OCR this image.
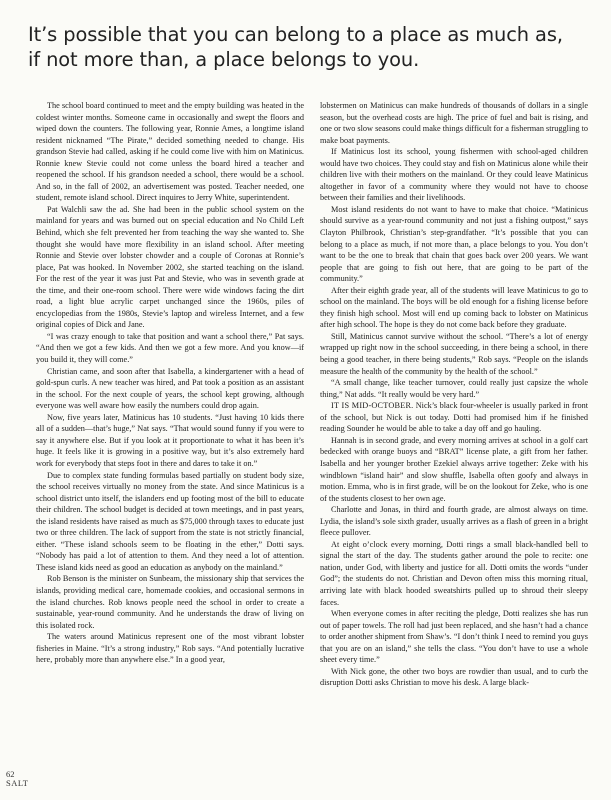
It’s possible that you can belong to a place as much as,
if not more than, a place belongs to you.

The school board continued to meet and the empty building was heated in the coldest winter months. Someone came in occasionally and swept the floors and wiped down the counters. The following year, Ronnie Ames, a longtime island resident nicknamed “The Pirate,” decided something needed to change. His grandson Stevie had called, asking if he could come live with him on Matinicus. Ronnie knew Stevie could not come unless the board hired a teacher and reopened the school. If his grandson needed a school, there would be a school. And so, in the fall of 2002, an advertisement was posted. Teacher needed, one student, remote island school. Direct inquires to Jerry White, superintendent.

Pat Walchli saw the ad. She had been in the public school system on the mainland for years and was burned out on special education and No Child Left Behind, which she felt prevented her from teaching the way she wanted to. She thought she would have more flexibility in an island school. After meeting Ronnie and Stevie over lobster chowder and a couple of Coronas at Ronnie’s place, Pat was hooked. In November 2002, she started teaching on the island. For the rest of the year it was just Pat and Stevie, who was in seventh grade at the time, and their one-room school. There were wide windows facing the dirt road, a light blue acrylic carpet unchanged since the 1960s, piles of encyclopedias from the 1980s, Stevie’s laptop and wireless Internet, and a few original copies of Dick and Jane.

“I was crazy enough to take that position and want a school there,” Pat says. “And then we got a few kids. And then we got a few more. And you know—if you build it, they will come.”

Christian came, and soon after that Isabella, a kindergartener with a head of gold-spun curls. A new teacher was hired, and Pat took a position as an assistant in the school. For the next couple of years, the school kept growing, although everyone was well aware how easily the numbers could drop again.

Now, five years later, Matinicus has 10 students. “Just having 10 kids there all of a sudden—that’s huge,” Nat says. “That would sound funny if you were to say it anywhere else. But if you look at it proportionate to what it has been it’s huge. It feels like it is growing in a positive way, but it’s also extremely hard work for everybody that steps foot in there and dares to take it on.”

Due to complex state funding formulas based partially on student body size, the school receives virtually no money from the state. And since Matinicus is a school district unto itself, the islanders end up footing most of the bill to educate their children. The school budget is decided at town meetings, and in past years, the island residents have raised as much as $75,000 through taxes to educate just two or three children. The lack of support from the state is not strictly financial, either. “These island schools seem to be floating in the ether,” Dotti says. “Nobody has paid a lot of attention to them. And they need a lot of attention. These island kids need as good an education as anybody on the mainland.”

Rob Benson is the minister on Sunbeam, the missionary ship that services the islands, providing medical care, homemade cookies, and occasional sermons in the island churches. Rob knows people need the school in order to create a sustainable, year-round community. And he understands the draw of living on this isolated rock.

The waters around Matinicus represent one of the most vibrant lobster fisheries in Maine. “It’s a strong industry,” Rob says. “And potentially lucrative here, probably more than anywhere else.” In a good year,

lobstermen on Matinicus can make hundreds of thousands of dollars in a single season, but the overhead costs are high. The price of fuel and bait is rising, and one or two slow seasons could make things difficult for a fisherman struggling to make boat payments.

If Matinicus lost its school, young fishermen with school-aged children would have two choices. They could stay and fish on Matinicus alone while their children live with their mothers on the mainland. Or they could leave Matinicus altogether in favor of a community where they would not have to choose between their families and their livelihoods.

Most island residents do not want to have to make that choice. “Matinicus should survive as a year-round community and not just a fishing outpost,” says Clayton Philbrook, Christian’s step-grandfather. “It’s possible that you can belong to a place as much, if not more than, a place belongs to you. You don’t want to be the one to break that chain that goes back over 200 years. We want people that are going to fish out here, that are going to be part of the community.”

After their eighth grade year, all of the students will leave Matinicus to go to school on the mainland. The boys will be old enough for a fishing license before they finish high school. Most will end up coming back to lobster on Matinicus after high school. The hope is they do not come back before they graduate.

Still, Matinicus cannot survive without the school. “There’s a lot of energy wrapped up right now in the school succeeding, in there being a school, in there being a good teacher, in there being students,” Rob says. “People on the islands measure the health of the community by the health of the school.”

“A small change, like teacher turnover, could really just capsize the whole thing,” Nat adds. “It really would be very hard.”

IT IS MID-OCTOBER. Nick’s black four-wheeler is usually parked in front of the school, but Nick is out today. Dotti had promised him if he finished reading Sounder he would be able to take a day off and go hauling.

Hannah is in second grade, and every morning arrives at school in a golf cart bedecked with orange buoys and “BRAT” license plate, a gift from her father. Isabella and her younger brother Ezekiel always arrive together: Zeke with his windblown “island hair” and slow shuffle, Isabella often goofy and always in motion. Emma, who is in first grade, will be on the lookout for Zeke, who is one of the students closest to her own age.

Charlotte and Jonas, in third and fourth grade, are almost always on time. Lydia, the island’s sole sixth grader, usually arrives as a flash of green in a bright fleece pullover.

At eight o’clock every morning, Dotti rings a small black-handled bell to signal the start of the day. The students gather around the pole to recite: one nation, under God, with liberty and justice for all. Dotti omits the words “under God”; the students do not. Christian and Devon often miss this morning ritual, arriving late with black hooded sweatshirts pulled up to shroud their sleepy faces.

When everyone comes in after reciting the pledge, Dotti realizes she has run out of paper towels. The roll had just been replaced, and she hasn’t had a chance to order another shipment from Shaw’s. “I don’t think I need to remind you guys that you are on an island,” she tells the class. “You don’t have to use a whole sheet every time.”

With Nick gone, the other two boys are rowdier than usual, and to curb the disruption Dotti asks Christian to move his desk. A large black-

62
SALT
